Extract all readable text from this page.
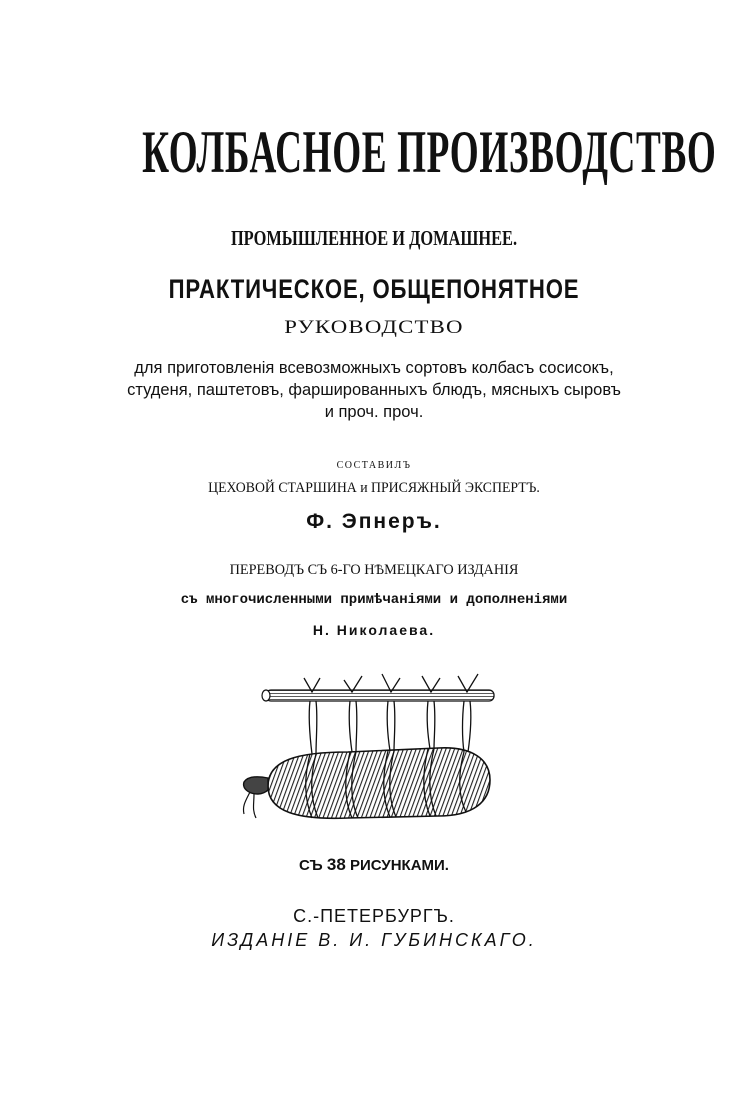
КОЛБАСНОЕ ПРОИЗВОДСТВО
ПРОМЫШЛЕННОЕ И ДОМАШНЕЕ.
ПРАКТИЧЕСКОЕ, ОБЩЕПОНЯТНОЕ
РУКОВОДСТВО
для приготовленія всевозможныхъ сортовъ колбасъ сосисокъ,
студеня, паштетовъ, фаршированныхъ блюдъ, мясныхъ сыровъ
и проч. проч.
СОСТАВИЛЪ
ЦЕХОВОЙ СТАРШИНА и ПРИСЯЖНЫЙ ЭКСПЕРТЪ.
Ф. Эпнеръ.
ПЕРЕВОДЪ СЪ 6-ГО НѢМЕЦКАГО ИЗДАНІЯ
съ многочисленными примѣчаніями и дополненіями
Н. Николаева.
СЪ 38 РИСУНКАМИ.
С.-ПЕТЕРБУРГЪ.
ИЗДАНІЕ В. И. ГУБИНСКАГО.
